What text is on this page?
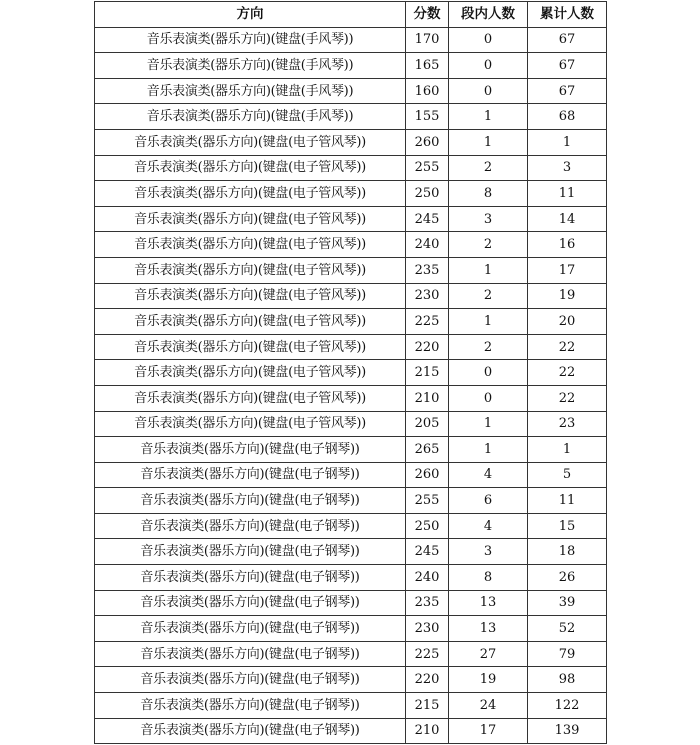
方向	分数	段内人数	累计人数
音乐表演类(器乐方向)(键盘(手风琴))	170	0	67
音乐表演类(器乐方向)(键盘(手风琴))	165	0	67
音乐表演类(器乐方向)(键盘(手风琴))	160	0	67
音乐表演类(器乐方向)(键盘(手风琴))	155	1	68
音乐表演类(器乐方向)(键盘(电子管风琴))	260	1	1
音乐表演类(器乐方向)(键盘(电子管风琴))	255	2	3
音乐表演类(器乐方向)(键盘(电子管风琴))	250	8	11
音乐表演类(器乐方向)(键盘(电子管风琴))	245	3	14
音乐表演类(器乐方向)(键盘(电子管风琴))	240	2	16
音乐表演类(器乐方向)(键盘(电子管风琴))	235	1	17
音乐表演类(器乐方向)(键盘(电子管风琴))	230	2	19
音乐表演类(器乐方向)(键盘(电子管风琴))	225	1	20
音乐表演类(器乐方向)(键盘(电子管风琴))	220	2	22
音乐表演类(器乐方向)(键盘(电子管风琴))	215	0	22
音乐表演类(器乐方向)(键盘(电子管风琴))	210	0	22
音乐表演类(器乐方向)(键盘(电子管风琴))	205	1	23
音乐表演类(器乐方向)(键盘(电子钢琴))	265	1	1
音乐表演类(器乐方向)(键盘(电子钢琴))	260	4	5
音乐表演类(器乐方向)(键盘(电子钢琴))	255	6	11
音乐表演类(器乐方向)(键盘(电子钢琴))	250	4	15
音乐表演类(器乐方向)(键盘(电子钢琴))	245	3	18
音乐表演类(器乐方向)(键盘(电子钢琴))	240	8	26
音乐表演类(器乐方向)(键盘(电子钢琴))	235	13	39
音乐表演类(器乐方向)(键盘(电子钢琴))	230	13	52
音乐表演类(器乐方向)(键盘(电子钢琴))	225	27	79
音乐表演类(器乐方向)(键盘(电子钢琴))	220	19	98
音乐表演类(器乐方向)(键盘(电子钢琴))	215	24	122
音乐表演类(器乐方向)(键盘(电子钢琴))	210	17	139
